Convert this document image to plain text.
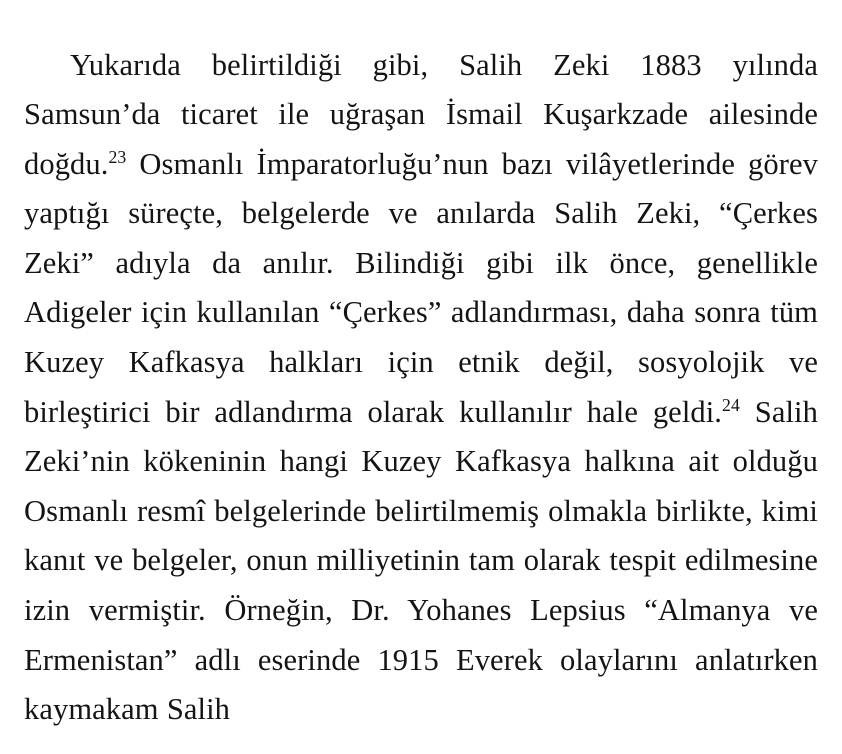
Yukarıda belirtildiği gibi, Salih Zeki 1883 yılında Samsun’da ticaret ile uğraşan İsmail Kuşarkzade ailesinde doğdu.$^{23}$ Osmanlı İmparatorluğu’nun bazı vilâyetlerinde görev yaptığı süreçte, belgelerde ve anılarda Salih Zeki, “Çerkes Zeki” adıyla da anılır. Bilindiği gibi ilk önce, genellikle Adigeler için kullanılan “Çerkes” adlandırması, daha sonra tüm Kuzey Kafkasya halkları için etnik değil, sosyolojik ve birleştirici bir adlandırma olarak kullanılır hale geldi.$^{24}$ Salih Zeki’nin kökeninin hangi Kuzey Kafkasya halkına ait olduğu Osmanlı resmî belgelerinde belirtilmemiş olmakla birlikte, kimi kanıt ve belgeler, onun milliyetinin tam olarak tespit edilmesine izin vermiştir. Örneğin, Dr. Yohanes Lepsius “Almanya ve Ermenistan” adlı eserinde 1915 Everek olaylarını anlatırken kaymakam Salih
